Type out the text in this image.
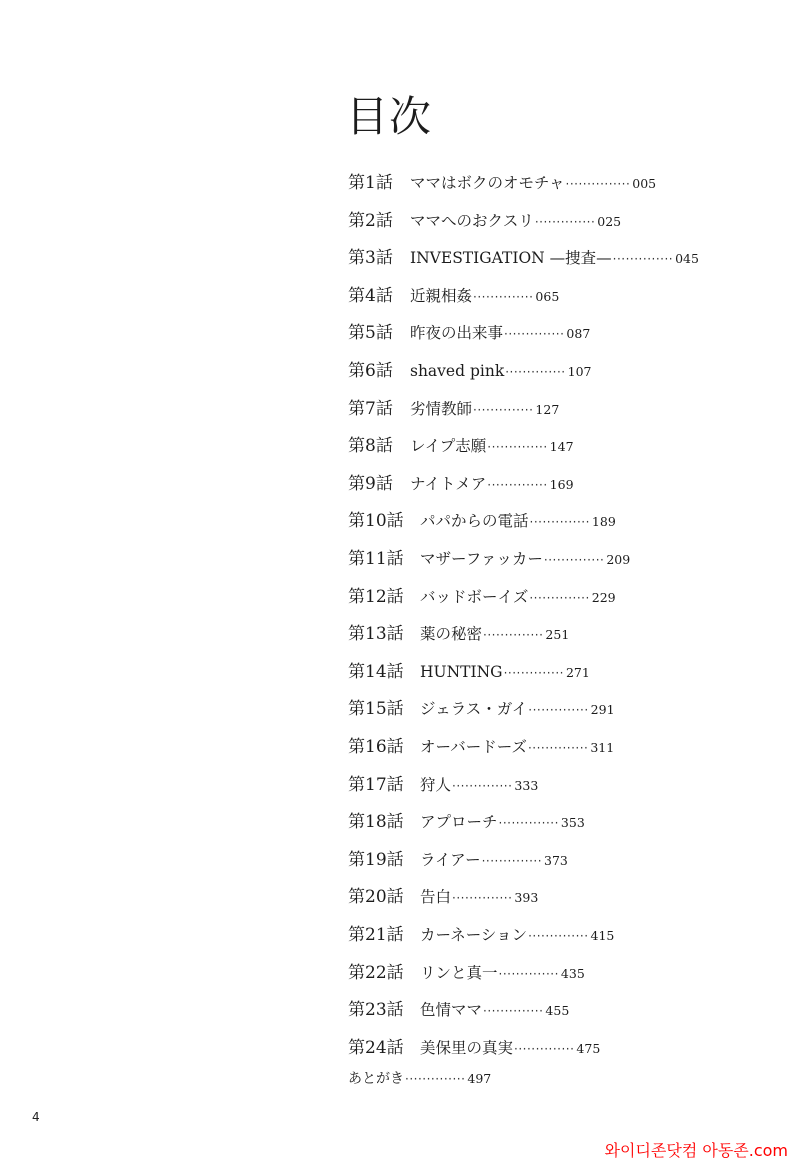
目次
第1話	ママはボクのオモチャ ··············· 005
第2話	ママへのおクスリ ·············· 025
第3話	INVESTIGATION —捜査— ·············· 045
第4話	近親相姦 ·············· 065
第5話	昨夜の出来事 ·············· 087
第6話	shaved pink ·············· 107
第7話	劣情教師 ·············· 127
第8話	レイプ志願 ·············· 147
第9話	ナイトメア ·············· 169
第10話	パパからの電話 ·············· 189
第11話	マザーファッカー ·············· 209
第12話	バッドボーイズ ·············· 229
第13話	薬の秘密 ·············· 251
第14話	HUNTING ·············· 271
第15話	ジェラス・ガイ ·············· 291
第16話	オーバードーズ ·············· 311
第17話	狩人 ·············· 333
第18話	アプローチ ·············· 353
第19話	ライアー ·············· 373
第20話	告白 ·············· 393
第21話	カーネーション ·············· 415
第22話	リンと真一 ·············· 435
第23話	色情ママ ·············· 455
第24話	美保里の真実 ·············· 475
あとがき ·············· 497
4
와이디존닷컴 아동존.com
